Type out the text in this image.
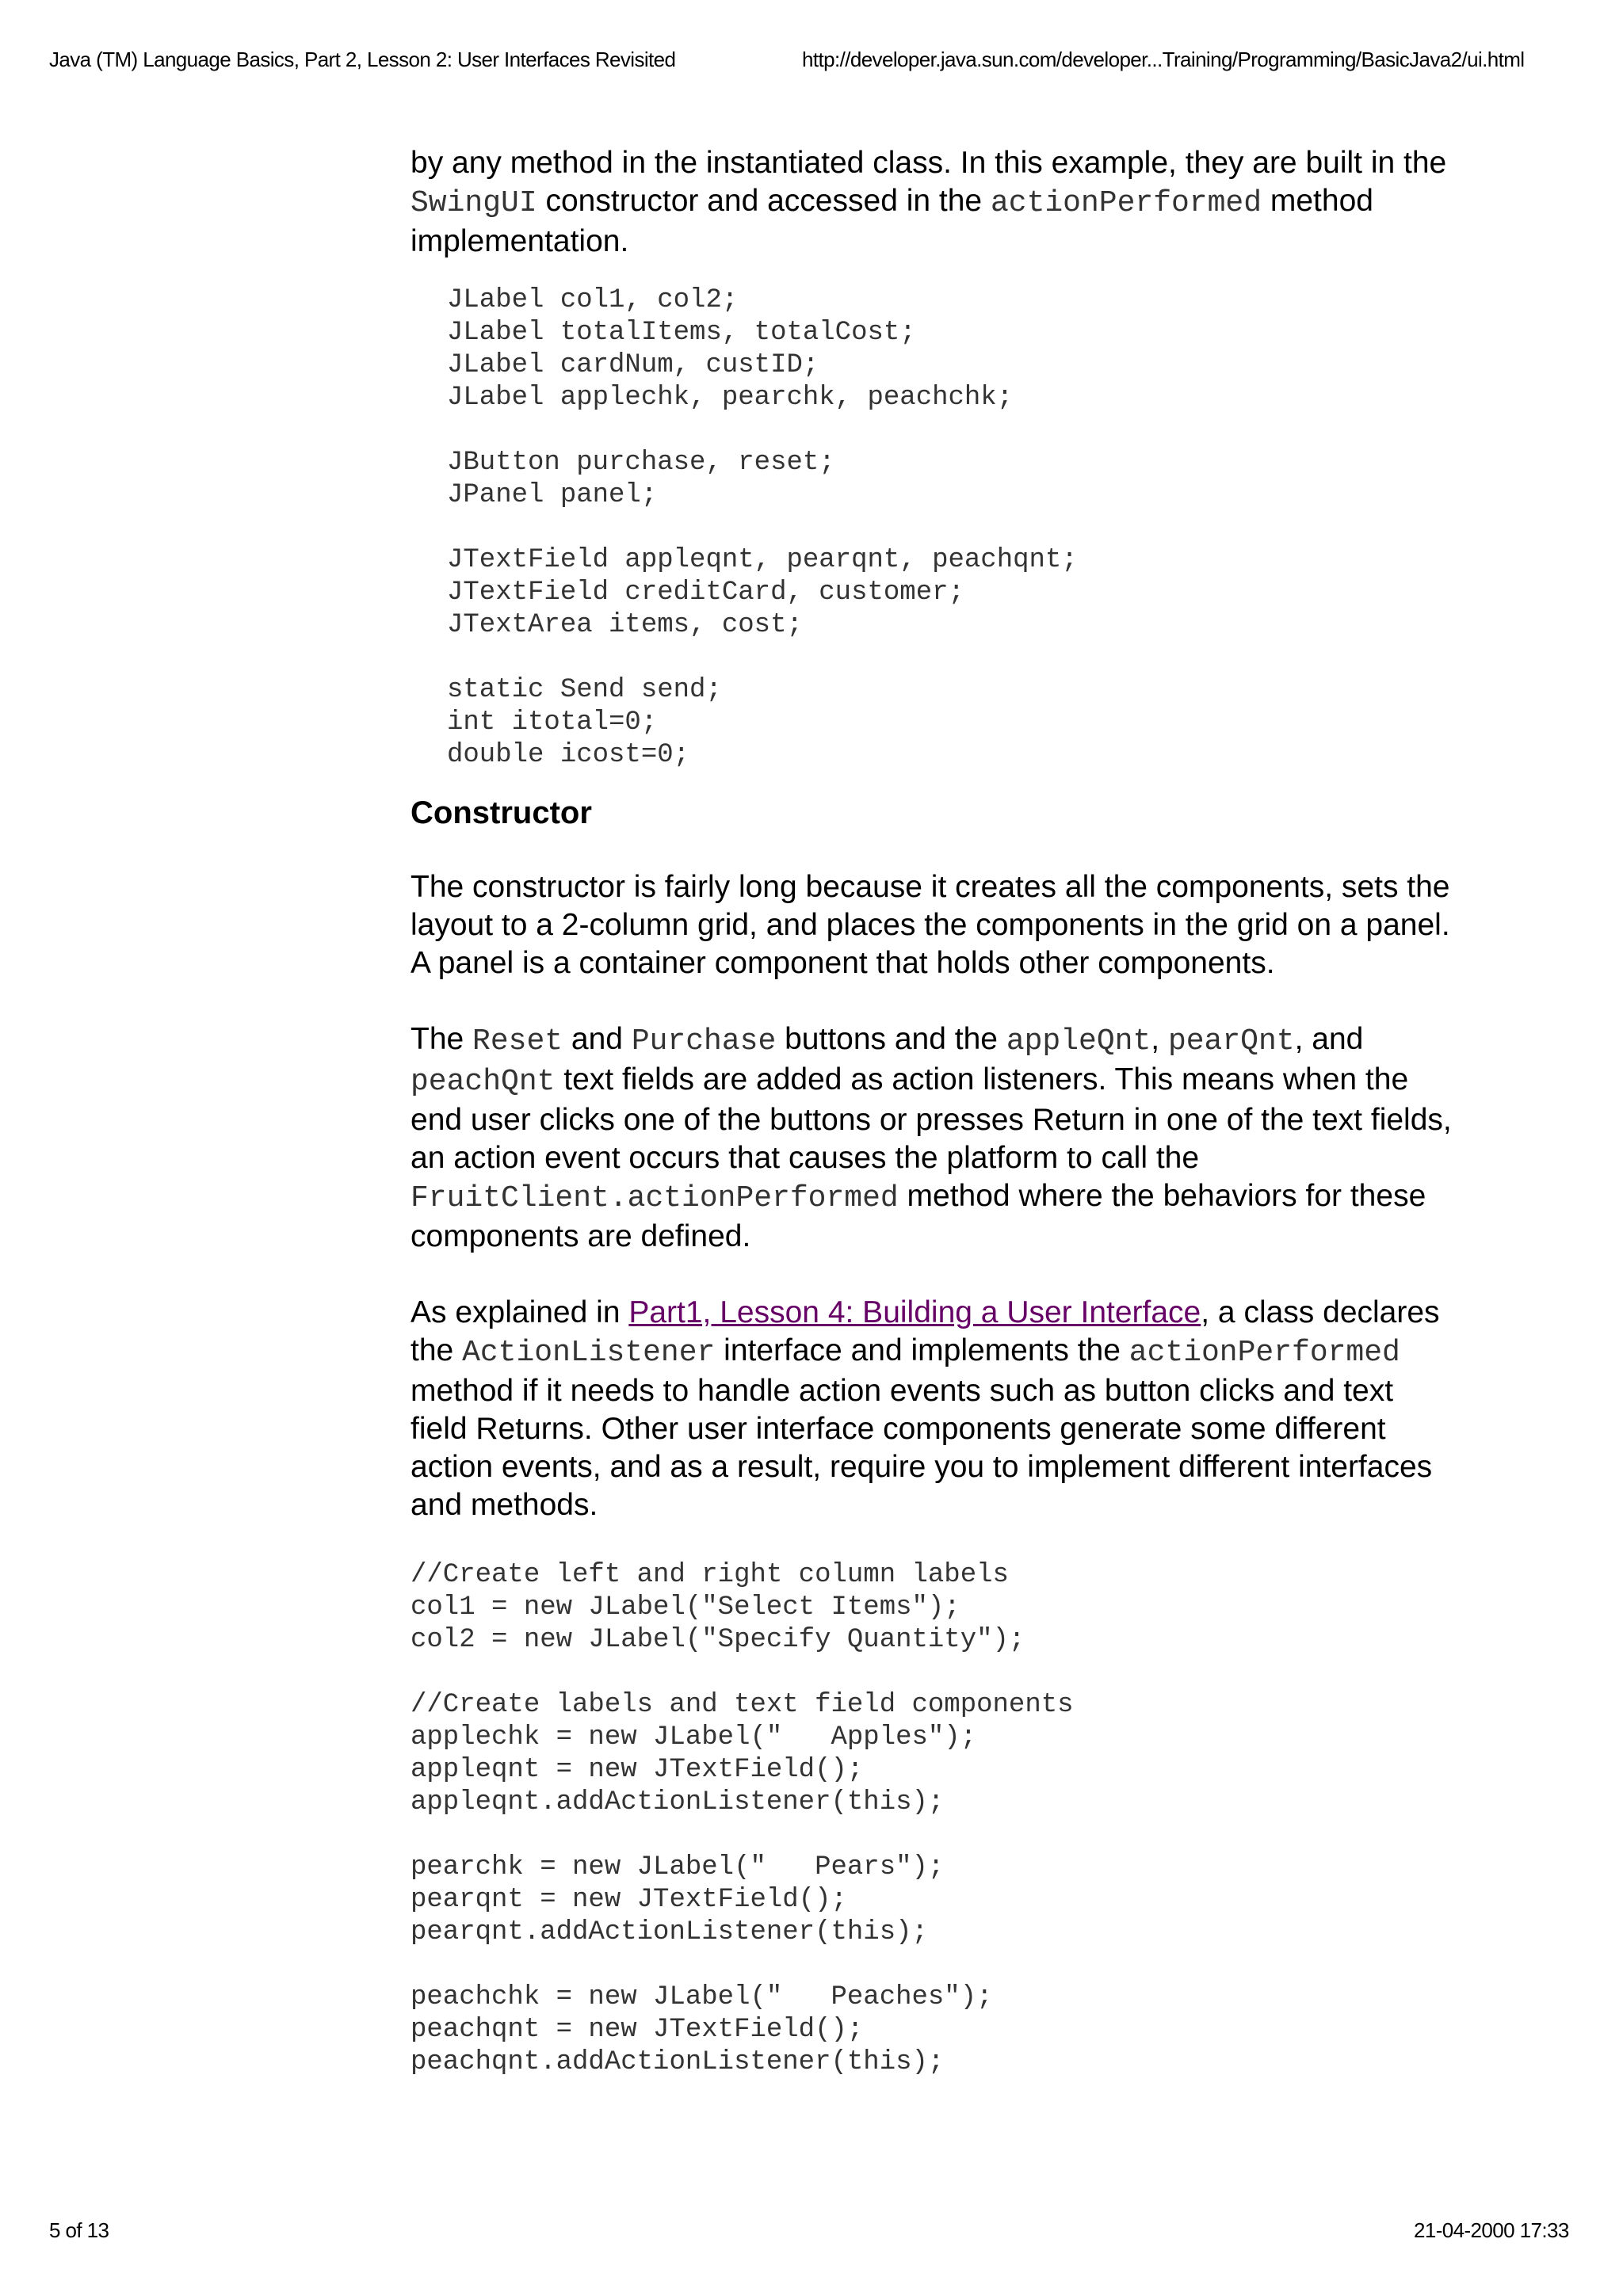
Java (TM) Language Basics, Part 2, Lesson 2: User Interfaces Revisited	http://developer.java.sun.com/developer...Training/Programming/BasicJava2/ui.html

by any method in the instantiated class. In this example, they are built in the SwingUI constructor and accessed in the actionPerformed method implementation.

JLabel col1, col2;
JLabel totalItems, totalCost;
JLabel cardNum, custID;
JLabel applechk, pearchk, peachchk;

JButton purchase, reset;
JPanel panel;

JTextField appleqnt, pearqnt, peachqnt;
JTextField creditCard, customer;
JTextArea items, cost;

static Send send;
int itotal=0;
double icost=0;
Constructor

The constructor is fairly long because it creates all the components, sets the layout to a 2-column grid, and places the components in the grid on a panel. A panel is a container component that holds other components.

The Reset and Purchase buttons and the appleQnt, pearQnt, and peachQnt text fields are added as action listeners. This means when the end user clicks one of the buttons or presses Return in one of the text fields, an action event occurs that causes the platform to call the FruitClient.actionPerformed method where the behaviors for these components are defined.

As explained in Part1, Lesson 4: Building a User Interface, a class declares the ActionListener interface and implements the actionPerformed method if it needs to handle action events such as button clicks and text field Returns. Other user interface components generate some different action events, and as a result, require you to implement different interfaces and methods.

//Create left and right column labels
col1 = new JLabel("Select Items");
col2 = new JLabel("Specify Quantity");

//Create labels and text field components
applechk = new JLabel("   Apples");
appleqnt = new JTextField();
appleqnt.addActionListener(this);

pearchk = new JLabel("   Pears");
pearqnt = new JTextField();
pearqnt.addActionListener(this);

peachchk = new JLabel("   Peaches");
peachqnt = new JTextField();
peachqnt.addActionListener(this);
5 of 13	21-04-2000 17:33
